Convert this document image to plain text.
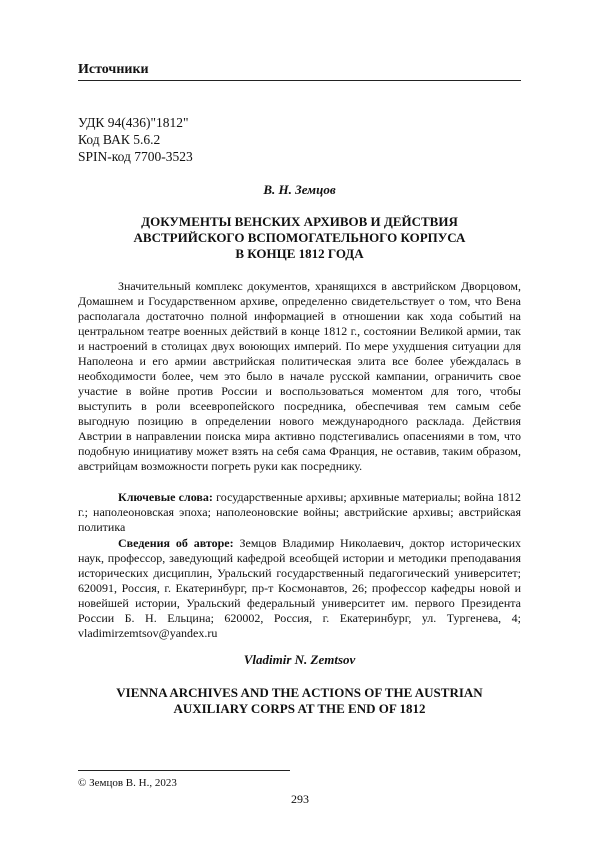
Источники
УДК 94(436)"1812"
Код ВАК 5.6.2
SPIN-код 7700-3523
В. Н. Земцов
ДОКУМЕНТЫ ВЕНСКИХ АРХИВОВ И ДЕЙСТВИЯ
АВСТРИЙСКОГО ВСПОМОГАТЕЛЬНОГО КОРПУСА
В КОНЦЕ 1812 ГОДА

Значительный комплекс документов, хранящихся в австрийском Дворцовом, Домашнем и Государственном архиве, определенно свидетельствует о том, что Вена располагала достаточно полной информацией в отношении как хода событий на центральном театре военных действий в конце 1812 г., состоянии Великой армии, так и настроений в столицах двух воюющих империй. По мере ухудшения ситуации для Наполеона и его армии австрийская политическая элита все более убеждалась в необходимости более, чем это было в начале русской кампании, ограничить свое участие в войне против России и воспользоваться моментом для того, чтобы выступить в роли всеевропейского посредника, обеспечивая тем самым себе выгодную позицию в определении нового международного расклада. Действия Австрии в направлении поиска мира активно подстегивались опасениями в том, что подобную инициативу может взять на себя сама Франция, не оставив, таким образом, австрийцам возможности погреть руки как посреднику.

Ключевые слова: государственные архивы; архивные материалы; война 1812 г.; наполеоновская эпоха; наполеоновские войны; австрийские архивы; австрийская политика

Сведения об авторе: Земцов Владимир Николаевич, доктор исторических наук, профессор, заведующий кафедрой всеобщей истории и методики преподавания исторических дисциплин, Уральский государственный педагогический университет; 620091, Россия, г. Екатеринбург, пр-т Космонавтов, 26; профессор кафедры новой и новейшей истории, Уральский федеральный университет им. первого Президента России Б. Н. Ельцина; 620002, Россия, г. Екатеринбург, ул. Тургенева, 4; vladimirzemtsov@yandex.ru

Vladimir N. Zemtsov
VIENNA ARCHIVES AND THE ACTIONS OF THE AUSTRIAN
AUXILIARY CORPS AT THE END OF 1812
© Земцов В. Н., 2023
293
